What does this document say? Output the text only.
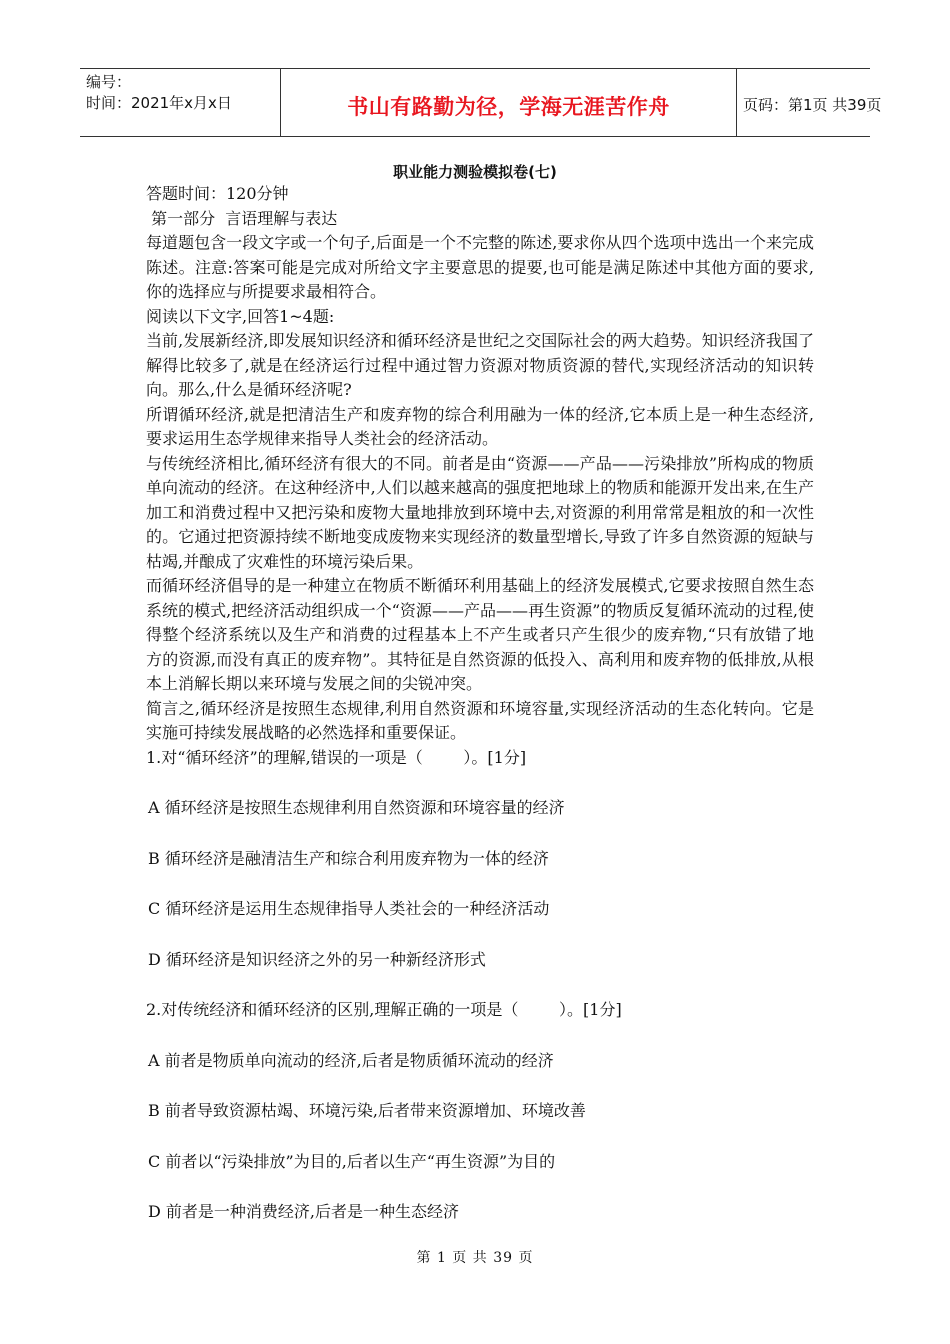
编号：
时间：2021年x月x日	书山有路勤为径，学海无涯苦作舟	页码：第1页 共39页
职业能力测验模拟卷(七)

答题时间：120分钟

第一部分  言语理解与表达

每道题包含一段文字或一个句子,后面是一个不完整的陈述,要求你从四个选项中选出一个来完成陈述。注意:答案可能是完成对所给文字主要意思的提要,也可能是满足陈述中其他方面的要求,你的选择应与所提要求最相符合。

阅读以下文字,回答1~4题:

当前,发展新经济,即发展知识经济和循环经济是世纪之交国际社会的两大趋势。知识经济我国了解得比较多了,就是在经济运行过程中通过智力资源对物质资源的替代,实现经济活动的知识转向。那么,什么是循环经济呢?

所谓循环经济,就是把清洁生产和废弃物的综合利用融为一体的经济,它本质上是一种生态经济,要求运用生态学规律来指导人类社会的经济活动。

与传统经济相比,循环经济有很大的不同。前者是由“资源——产品——污染排放”所构成的物质单向流动的经济。在这种经济中,人们以越来越高的强度把地球上的物质和能源开发出来,在生产加工和消费过程中又把污染和废物大量地排放到环境中去,对资源的利用常常是粗放的和一次性的。它通过把资源持续不断地变成废物来实现经济的数量型增长,导致了许多自然资源的短缺与枯竭,并酿成了灾难性的环境污染后果。

而循环经济倡导的是一种建立在物质不断循环利用基础上的经济发展模式,它要求按照自然生态系统的模式,把经济活动组织成一个“资源——产品——再生资源”的物质反复循环流动的过程,使得整个经济系统以及生产和消费的过程基本上不产生或者只产生很少的废弃物,“只有放错了地方的资源,而没有真正的废弃物”。其特征是自然资源的低投入、高利用和废弃物的低排放,从根本上消解长期以来环境与发展之间的尖锐冲突。

简言之,循环经济是按照生态规律,利用自然资源和环境容量,实现经济活动的生态化转向。它是实施可持续发展战略的必然选择和重要保证。

1.对“循环经济”的理解,错误的一项是（        ）。[1分]

A 循环经济是按照生态规律利用自然资源和环境容量的经济

B 循环经济是融清洁生产和综合利用废弃物为一体的经济

C 循环经济是运用生态规律指导人类社会的一种经济活动

D 循环经济是知识经济之外的另一种新经济形式

2.对传统经济和循环经济的区别,理解正确的一项是（        ）。[1分]

A 前者是物质单向流动的经济,后者是物质循环流动的经济

B 前者导致资源枯竭、环境污染,后者带来资源增加、环境改善

C 前者以“污染排放”为目的,后者以生产“再生资源”为目的

D 前者是一种消费经济,后者是一种生态经济

第 1 页 共 39 页
